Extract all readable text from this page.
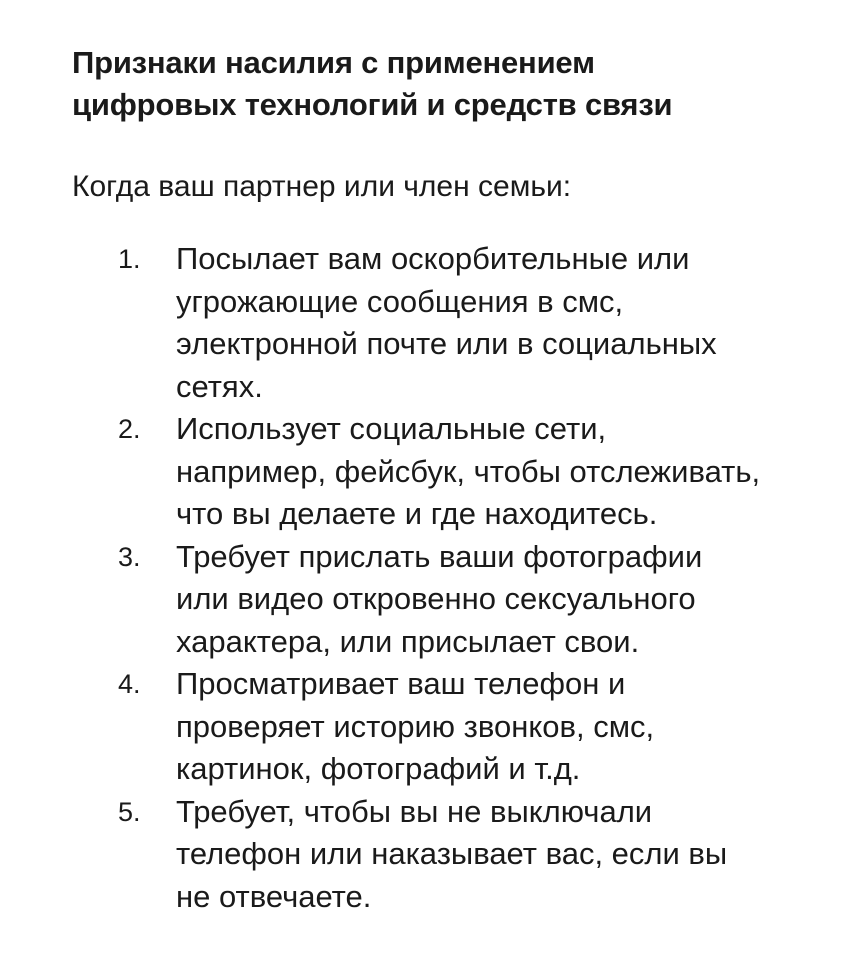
Признаки насилия с применением
цифровых технологий и средств связи

Когда ваш партнер или член семьи:

1.	Посылает вам оскорбительные или
угрожающие сообщения в смс,
электронной почте или в социальных
сетях.
2.	Использует социальные сети,
например, фейсбук, чтобы отслеживать,
что вы делаете и где находитесь.
3.	Требует прислать ваши фотографии
или видео откровенно сексуального
характера, или присылает свои.
4.	Просматривает ваш телефон и
проверяет историю звонков, смс,
картинок, фотографий и т.д.
5.	Требует, чтобы вы не выключали
телефон или наказывает вас, если вы
не отвечаете.
